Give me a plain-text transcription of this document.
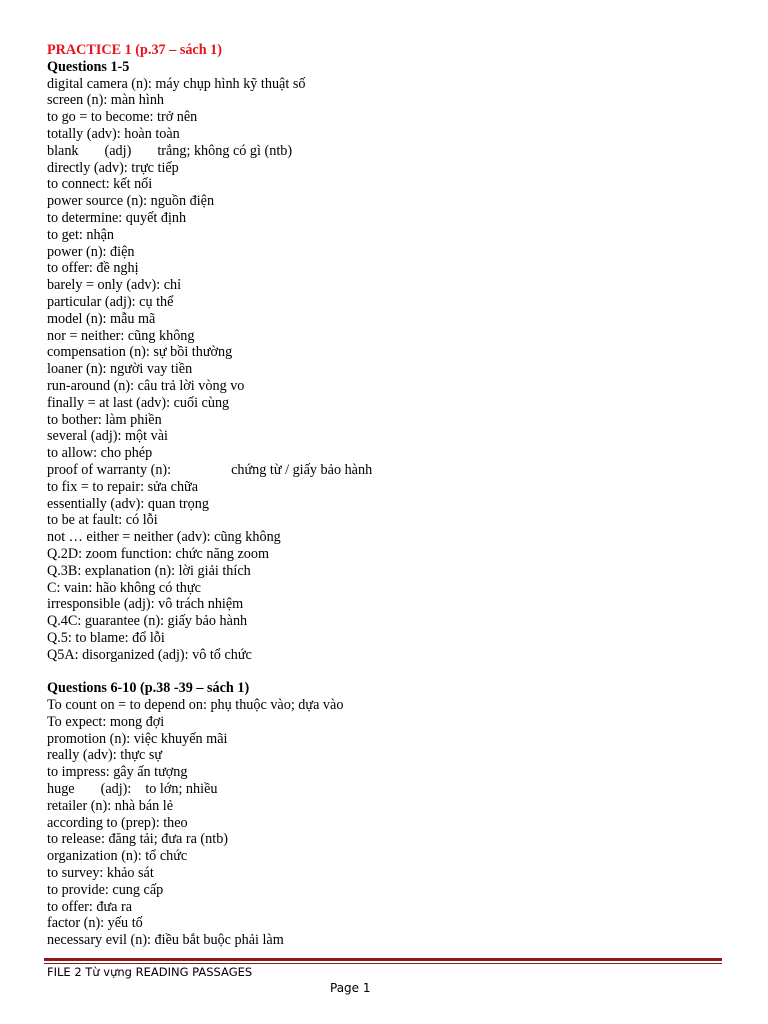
PRACTICE 1 (p.37 – sách 1)
Questions 1-5
digital camera (n): máy chụp hình kỹ thuật số
screen (n): màn hình
to go = to become: trở nên
totally (adv): hoàn toàn
blank (adj) trắng; không có gì (ntb)
directly (adv): trực tiếp
to connect: kết nối
power source (n): nguồn điện
to determine: quyết định
to get: nhận
power (n): điện
to offer: đề nghị
barely = only (adv): chỉ
particular (adj): cụ thể
model (n): mẫu mã
nor = neither: cũng không
compensation (n): sự bồi thường
loaner (n): người vay tiền
run-around (n): câu trả lời vòng vo
finally = at last (adv): cuối cùng
to bother: làm phiền
several (adj): một vài
to allow: cho phép
proof of warranty (n):	chứng từ / giấy bảo hành
to fix = to repair: sửa chữa
essentially (adv): quan trọng
to be at fault: có lỗi
not … either = neither (adv): cũng không
Q.2D: zoom function: chức năng zoom
Q.3B: explanation (n): lời giải thích
C: vain: hão không có thực
irresponsible (adj): vô trách nhiệm
Q.4C: guarantee (n): giấy bảo hành
Q.5: to blame: đổ lỗi
Q5A: disorganized (adj): vô tổ chức
Questions 6-10 (p.38 -39 – sách 1)
To count on = to depend on: phụ thuộc vào; dựa vào
To expect: mong đợi
promotion (n): việc khuyến mãi
really (adv): thực sự
to impress: gây ấn tượng
huge (adj): to lớn; nhiều
retailer (n): nhà bán lẻ
according to (prep): theo
to release: đăng tải; đưa ra (ntb)
organization (n): tổ chức
to survey: khảo sát
to provide: cung cấp
to offer: đưa ra
factor (n): yếu tố
necessary evil (n): điều bắt buộc phải làm
FILE 2 Từ vựng READING PASSAGES
Page 1
